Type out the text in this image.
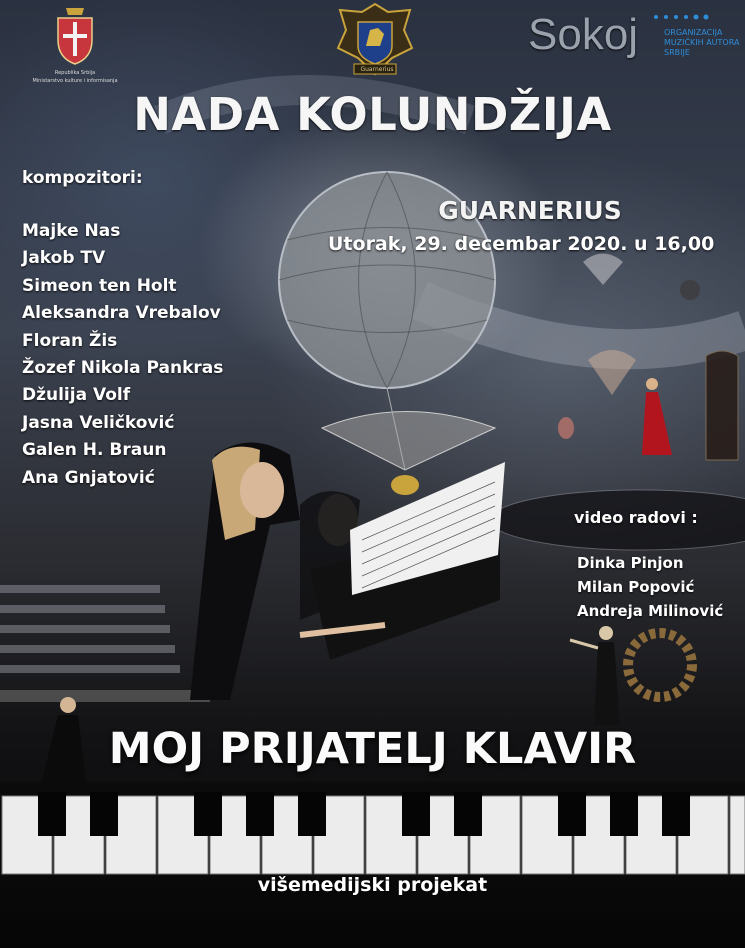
Republika Srbija
Ministarstvo kulture i informisanja
Guarnerius
Sokoj	ORGANIZACIJA
MUZIČKIH AUTORA
SRBIJE
NADA KOLUNDŽIJA
kompozitori:
Majke Nas
Jakob TV
Simeon ten Holt
Aleksandra Vrebalov
Floran Žis
Žozef Nikola Pankras
Džulija Volf
Jasna Veličković
Galen H. Braun
Ana Gnjatović
GUARNERIUS
Utorak, 29. decembar 2020. u 16,00
video radovi :
Dinka Pinjon
Milan Popović
Andreja Milinović
MOJ PRIJATELJ KLAVIR
višemedijski projekat
